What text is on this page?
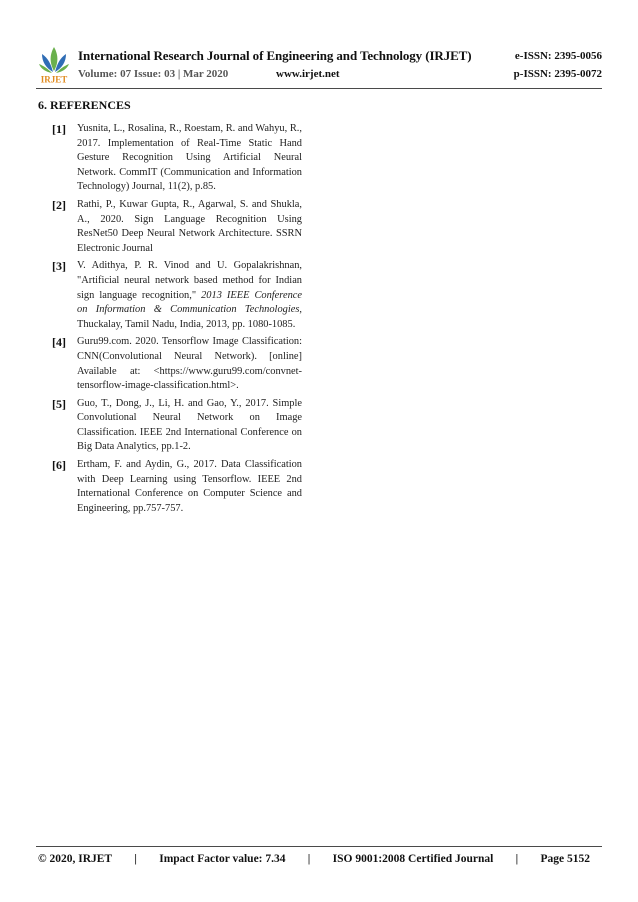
IRJET
International Research Journal of Engineering and Technology (IRJET)	e-ISSN: 2395-0056
Volume: 07 Issue: 03 | Mar 2020	www.irjet.net	p-ISSN: 2395-0072
6. REFERENCES
[1] Yusnita, L., Rosalina, R., Roestam, R. and Wahyu, R., 2017. Implementation of Real-Time Static Hand Gesture Recognition Using Artificial Neural Network. CommIT (Communication and Information Technology) Journal, 11(2), p.85.
[2] Rathi, P., Kuwar Gupta, R., Agarwal, S. and Shukla, A., 2020. Sign Language Recognition Using ResNet50 Deep Neural Network Architecture. SSRN Electronic Journal
[3] V. Adithya, P. R. Vinod and U. Gopalakrishnan, "Artificial neural network based method for Indian sign language recognition," 2013 IEEE Conference on Information & Communication Technologies, Thuckalay, Tamil Nadu, India, 2013, pp. 1080-1085.
[4] Guru99.com. 2020. Tensorflow Image Classification: CNN(Convolutional Neural Network). [online] Available at: <https://www.guru99.com/convnet-tensorflow-image-classification.html>.
[5] Guo, T., Dong, J., Li, H. and Gao, Y., 2017. Simple Convolutional Neural Network on Image Classification. IEEE 2nd International Conference on Big Data Analytics, pp.1-2.
[6] Ertham, F. and Aydin, G., 2017. Data Classification with Deep Learning using Tensorflow. IEEE 2nd International Conference on Computer Science and Engineering, pp.757-757.
© 2020, IRJET | Impact Factor value: 7.34 | ISO 9001:2008 Certified Journal | Page 5152
